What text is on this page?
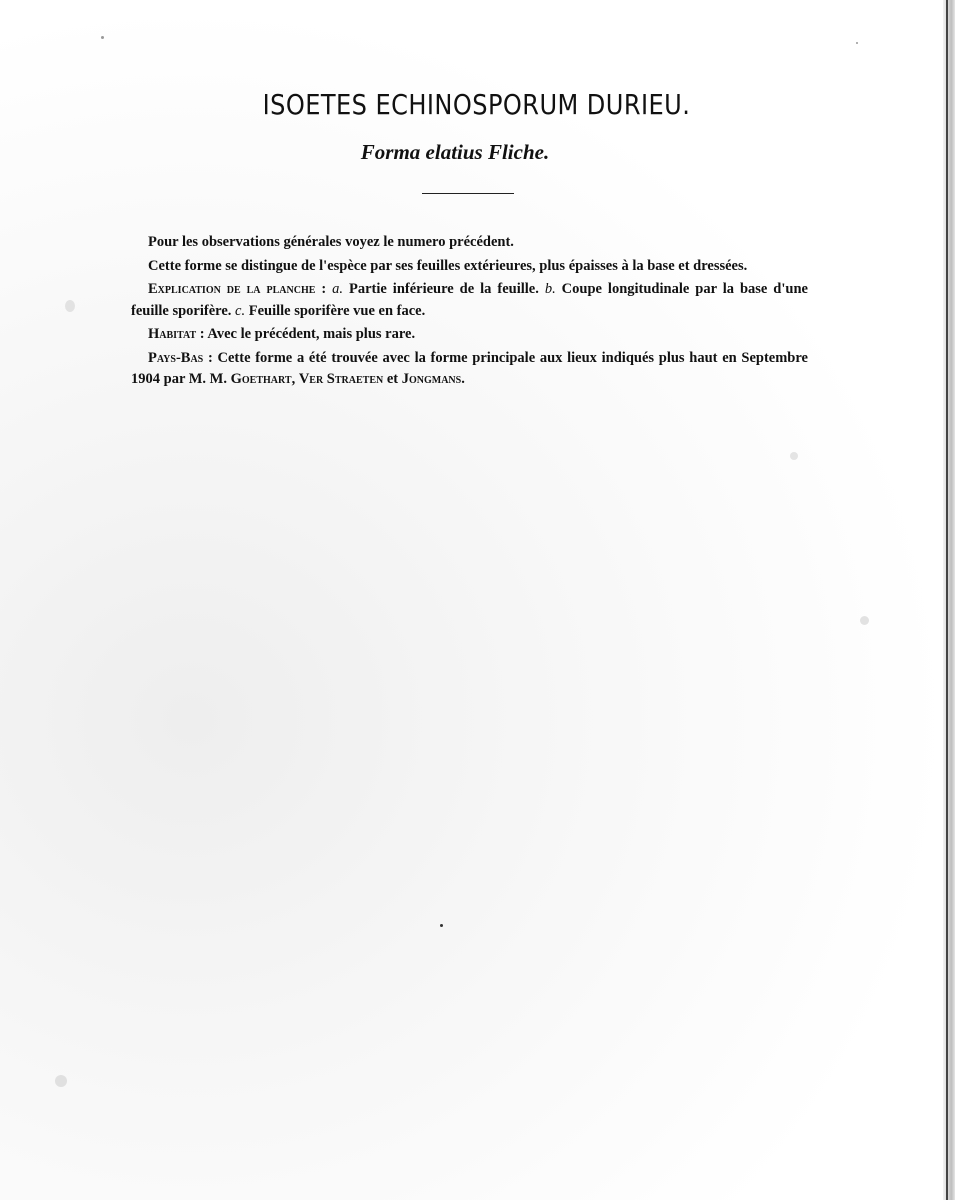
ISOETES ECHINOSPORUM DURIEU.
Forma elatius Fliche.

Pour les observations générales voyez le numero précédent.

Cette forme se distingue de l'espèce par ses feuilles extérieures, plus épaisses à la base et dressées.

Explication de la planche : a. Partie inférieure de la feuille. b. Coupe longitudinale par la base d'une feuille sporifère. c. Feuille sporifère vue en face.

Habitat : Avec le précédent, mais plus rare.

Pays-Bas : Cette forme a été trouvée avec la forme principale aux lieux indiqués plus haut en Septembre 1904 par M. M. Goethart, Ver Straeten et Jongmans.
